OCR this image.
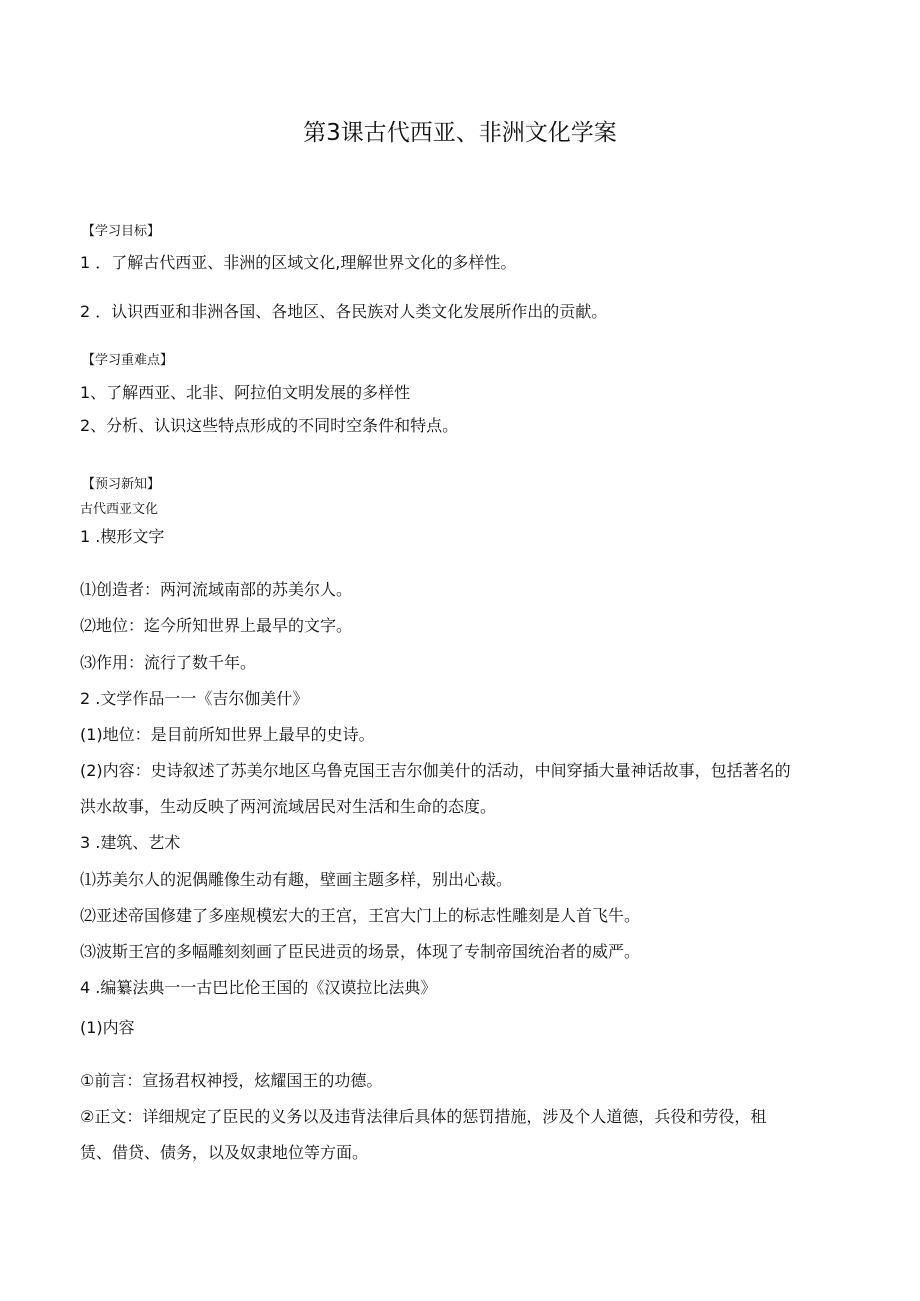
第3课古代西亚、非洲文化学案
【学习目标】
1 ．了解古代西亚、非洲的区域文化,理解世界文化的多样性。
2 ．认识西亚和非洲各国、各地区、各民族对人类文化发展所作出的贡献。
【学习重难点】
1、了解西亚、北非、阿拉伯文明发展的多样性
2、分析、认识这些特点形成的不同时空条件和特点。
【预习新知】
古代西亚文化
1 .楔形文字
⑴创造者：两河流域南部的苏美尔人。
⑵地位：迄今所知世界上最早的文字。
⑶作用：流行了数千年。
2 .文学作品一一《吉尔伽美什》
(1)地位：是目前所知世界上最早的史诗。
(2)内容：史诗叙述了苏美尔地区乌鲁克国王吉尔伽美什的活动，中间穿插大量神话故事，包括著名的
洪水故事，生动反映了两河流域居民对生活和生命的态度。
3 .建筑、艺术
⑴苏美尔人的泥偶雕像生动有趣，壁画主题多样，别出心裁。
⑵亚述帝国修建了多座规模宏大的王宫，王宫大门上的标志性雕刻是人首飞牛。
⑶波斯王宫的多幅雕刻刻画了臣民进贡的场景，体现了专制帝国统治者的威严。
4 .编纂法典一一古巴比伦王国的《汉谟拉比法典》
(1)内容
①前言：宣扬君权神授，炫耀国王的功德。
②正文：详细规定了臣民的义务以及违背法律后具体的惩罚措施，涉及个人道德，兵役和劳役，租
赁、借贷、债务，以及奴隶地位等方面。
